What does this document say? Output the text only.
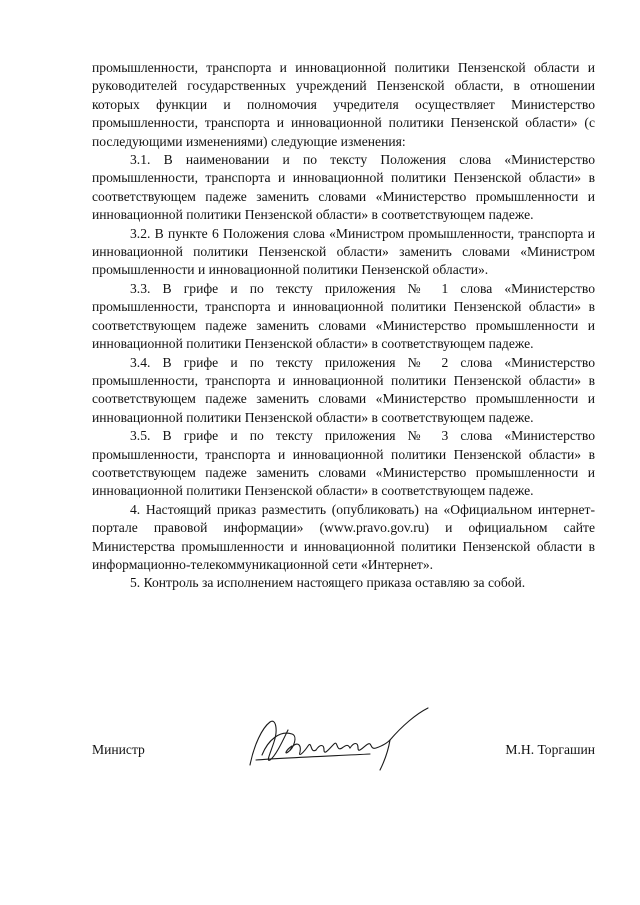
промышленности, транспорта и инновационной политики Пензенской области и руководителей государственных учреждений Пензенской области, в отношении которых функции и полномочия учредителя осуществляет Министерство промышленности, транспорта и инновационной политики Пензенской области» (с последующими изменениями) следующие изменения:

3.1. В наименовании и по тексту Положения слова «Министерство промышленности, транспорта и инновационной политики Пензенской области» в соответствующем падеже заменить словами «Министерство промышленности и инновационной политики Пензенской области» в соответствующем падеже.

3.2. В пункте 6 Положения слова «Министром промышленности, транспорта и инновационной политики Пензенской области» заменить словами «Министром промышленности и инновационной политики Пензенской области».

3.3. В грифе и по тексту приложения № 1 слова «Министерство промышленности, транспорта и инновационной политики Пензенской области» в соответствующем падеже заменить словами «Министерство промышленности и инновационной политики Пензенской области» в соответствующем падеже.

3.4. В грифе и по тексту приложения № 2 слова «Министерство промышленности, транспорта и инновационной политики Пензенской области» в соответствующем падеже заменить словами «Министерство промышленности и инновационной политики Пензенской области» в соответствующем падеже.

3.5. В грифе и по тексту приложения № 3 слова «Министерство промышленности, транспорта и инновационной политики Пензенской области» в соответствующем падеже заменить словами «Министерство промышленности и инновационной политики Пензенской области» в соответствующем падеже.

4. Настоящий приказ разместить (опубликовать) на «Официальном интернет-портале правовой информации» (www.pravo.gov.ru) и официальном сайте Министерства промышленности и инновационной политики Пензенской области в информационно-телекоммуникационной сети «Интернет».

5. Контроль за исполнением настоящего приказа оставляю за собой.

Министр	М.Н. Торгашин
